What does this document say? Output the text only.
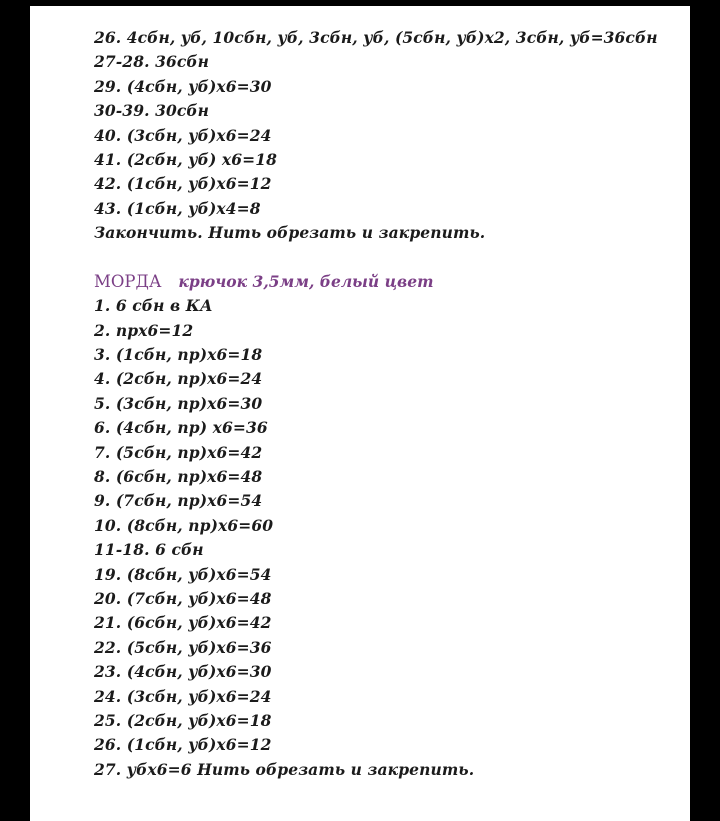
26. 4сбн, уб, 10сбн, уб, 3сбн, уб, (5сбн, уб)х2, 3сбн, уб=36сбн
27-28. 36сбн
29. (4сбн, уб)х6=30
30-39. 30сбн
40. (3сбн, уб)х6=24
41. (2сбн, уб) х6=18
42. (1сбн, уб)х6=12
43. (1сбн, уб)х4=8
Закончить. Нить обрезать и закрепить.
МОРДА крючок 3,5мм, белый цвет
1. 6 сбн в КА
2. прх6=12
3. (1сбн, пр)х6=18
4. (2сбн, пр)х6=24
5. (3сбн, пр)х6=30
6. (4сбн, пр) х6=36
7. (5сбн, пр)х6=42
8. (6сбн, пр)х6=48
9. (7сбн, пр)х6=54
10. (8сбн, пр)х6=60
11-18. 6 сбн
19. (8сбн, уб)х6=54
20. (7сбн, уб)х6=48
21. (6сбн, уб)х6=42
22. (5сбн, уб)х6=36
23. (4сбн, уб)х6=30
24. (3сбн, уб)х6=24
25. (2сбн, уб)х6=18
26. (1сбн, уб)х6=12
27. убх6=6 Нить обрезать и закрепить.
